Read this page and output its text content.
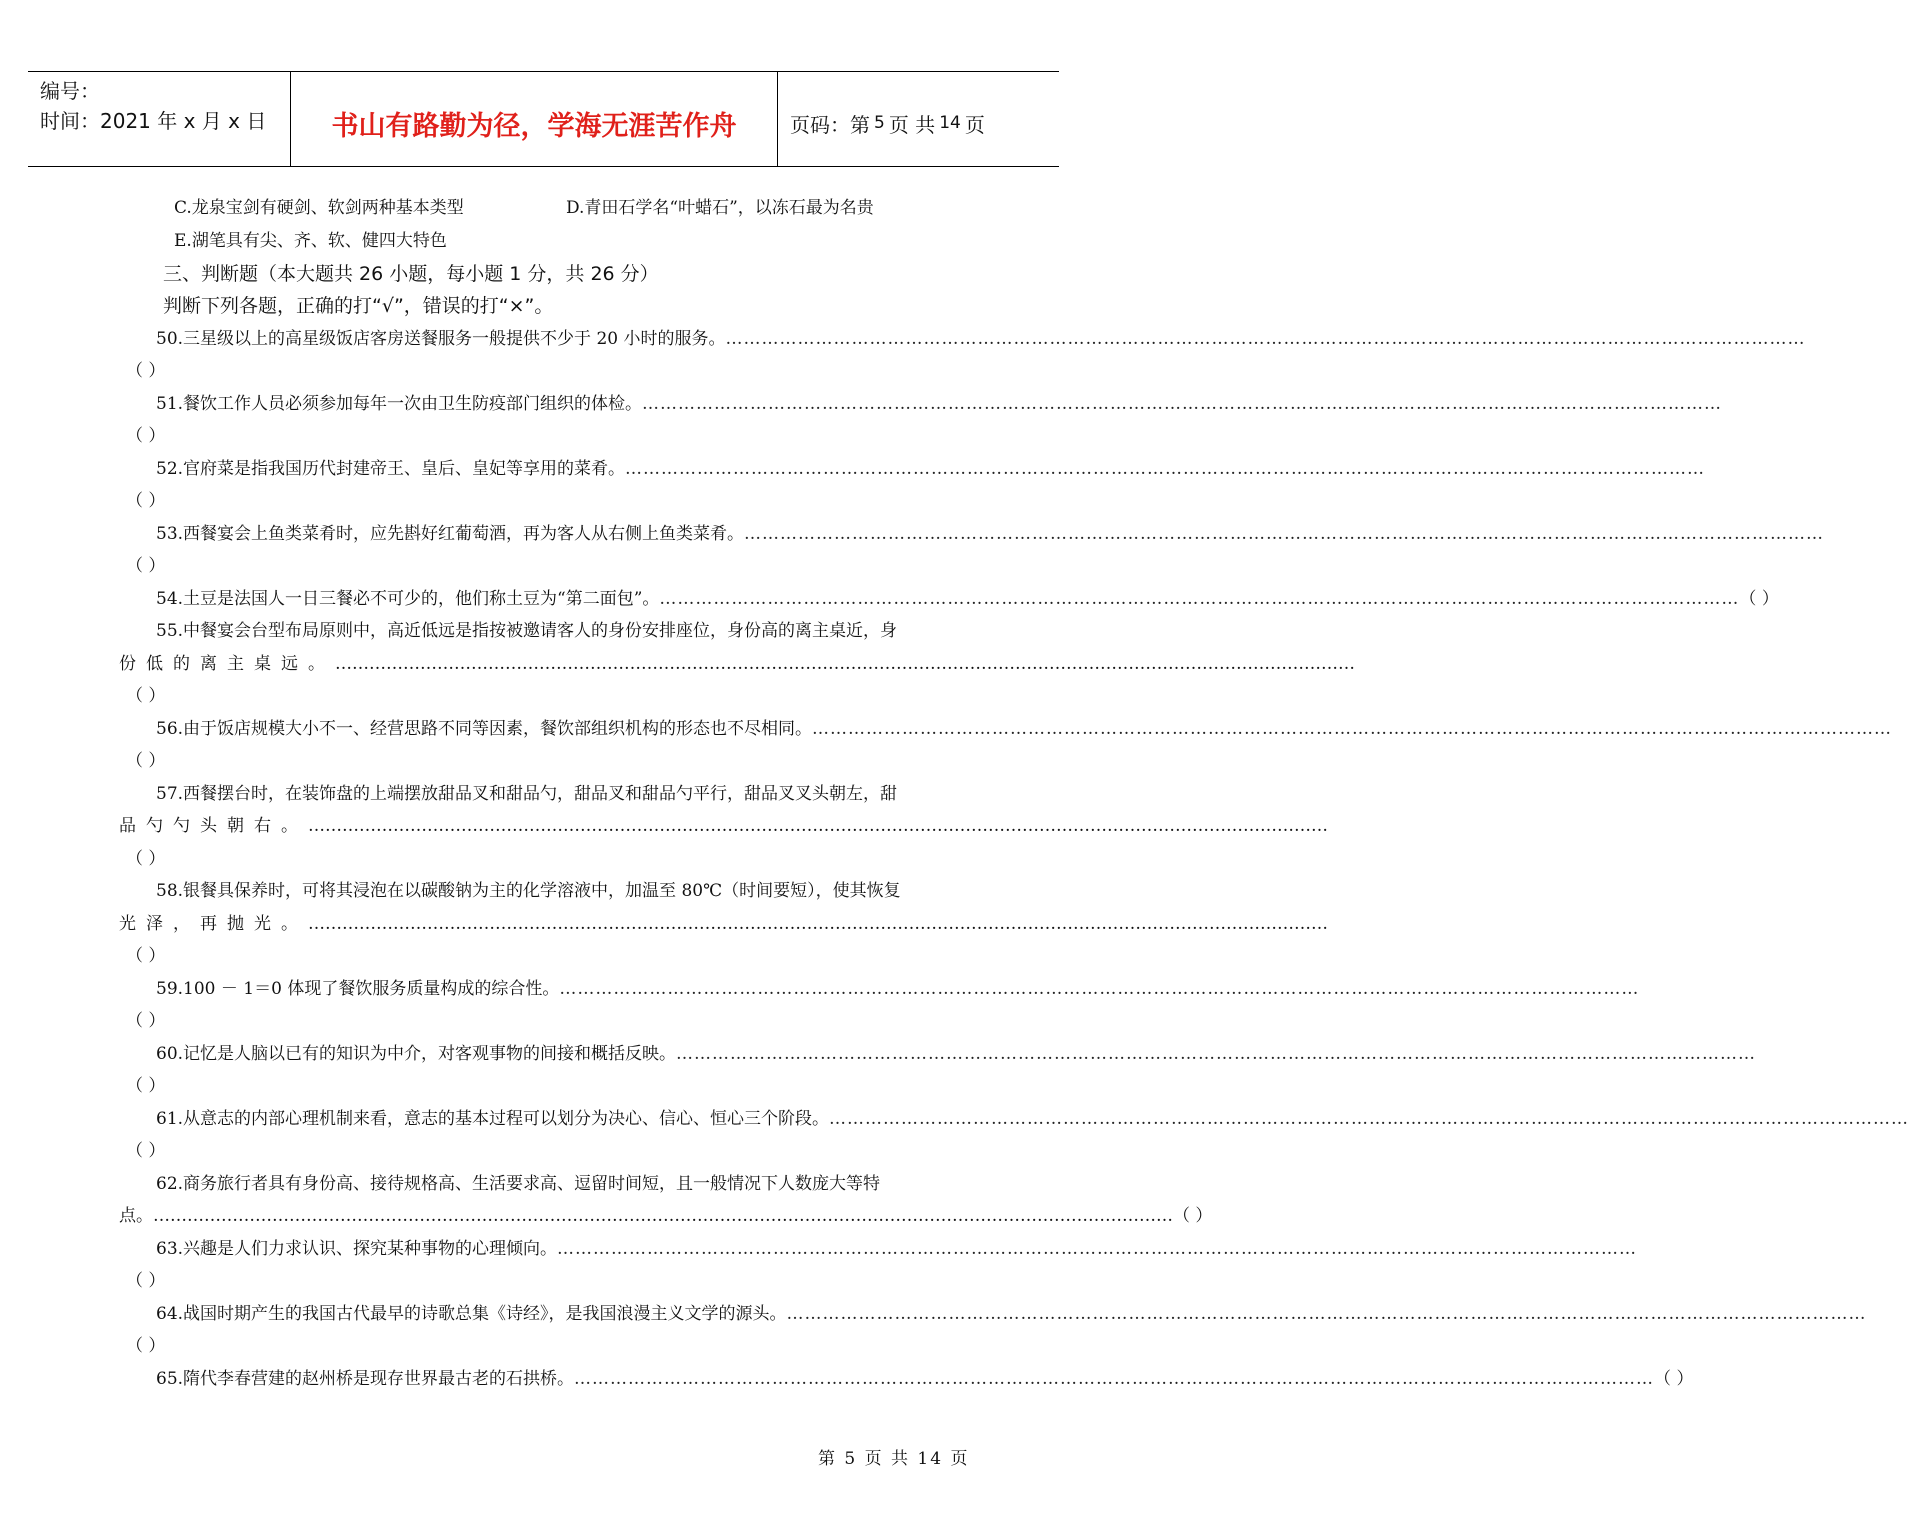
编号：
时间：2021 年 x 月 x 日	书山有路勤为径，学海无涯苦作舟	页码：第 5 页 共 14 页
C.龙泉宝剑有硬剑、软剑两种基本类型	D.青田石学名“叶蜡石”，以冻石最为名贵
E.湖笔具有尖、齐、软、健四大特色
三、判断题（本大题共 26 小题，每小题 1 分，共 26 分）
判断下列各题，正确的打“√”，错误的打“×”。
50.三星级以上的高星级饭店客房送餐服务一般提供不少于 20 小时的服务。 ………………………………………………………………………………………………………………………………………………………………
（ ）
51.餐饮工作人员必须参加每年一次由卫生防疫部门组织的体检。 ………………………………………………………………………………………………………………………………………………………………
（ ）
52.官府菜是指我国历代封建帝王、皇后、皇妃等享用的菜肴。 ………………………………………………………………………………………………………………………………………………………………
（ ）
53.西餐宴会上鱼类菜肴时，应先斟好红葡萄酒，再为客人从右侧上鱼类菜肴。 ………………………………………………………………………………………………………………………………………………………………
（ ）
54.土豆是法国人一日三餐必不可少的，他们称土豆为“第二面包”。 ……………………………………………………………………………………………………………………………………………………………… （ ）
55.中餐宴会台型布局原则中，高近低远是指按被邀请客人的身份安排座位，身份高的离主桌近，身
份低的离主桌远。 ………………………………………………………………………………………………………………………………………………………………
（ ）
56.由于饭店规模大小不一、经营思路不同等因素，餐饮部组织机构的形态也不尽相同。 ………………………………………………………………………………………………………………………………………………………………
（ ）
57.西餐摆台时，在装饰盘的上端摆放甜品叉和甜品勺，甜品叉和甜品勺平行，甜品叉叉头朝左，甜
品勺勺头朝右。 ………………………………………………………………………………………………………………………………………………………………
（ ）
58.银餐具保养时，可将其浸泡在以碳酸钠为主的化学溶液中，加温至 80℃（时间要短），使其恢复
光泽，再抛光。 ………………………………………………………………………………………………………………………………………………………………
（ ）
59.100 － 1＝0 体现了餐饮服务质量构成的综合性。 ………………………………………………………………………………………………………………………………………………………………
（ ）
60.记忆是人脑以已有的知识为中介，对客观事物的间接和概括反映。 ………………………………………………………………………………………………………………………………………………………………
（ ）
61.从意志的内部心理机制来看，意志的基本过程可以划分为决心、信心、恒心三个阶段。 ………………………………………………………………………………………………………………………………………………………………
（ ）
62.商务旅行者具有身份高、接待规格高、生活要求高、逗留时间短，且一般情况下人数庞大等特
点。 ……………………………………………………………………………………………………………………………………………………………… （ ）
63.兴趣是人们力求认识、探究某种事物的心理倾向。 ………………………………………………………………………………………………………………………………………………………………
（ ）
64.战国时期产生的我国古代最早的诗歌总集《诗经》，是我国浪漫主义文学的源头。 ………………………………………………………………………………………………………………………………………………………………
（ ）
65.隋代李春营建的赵州桥是现存世界最古老的石拱桥。 ……………………………………………………………………………………………………………………………………………………………… （ ）
第 5 页 共 14 页
